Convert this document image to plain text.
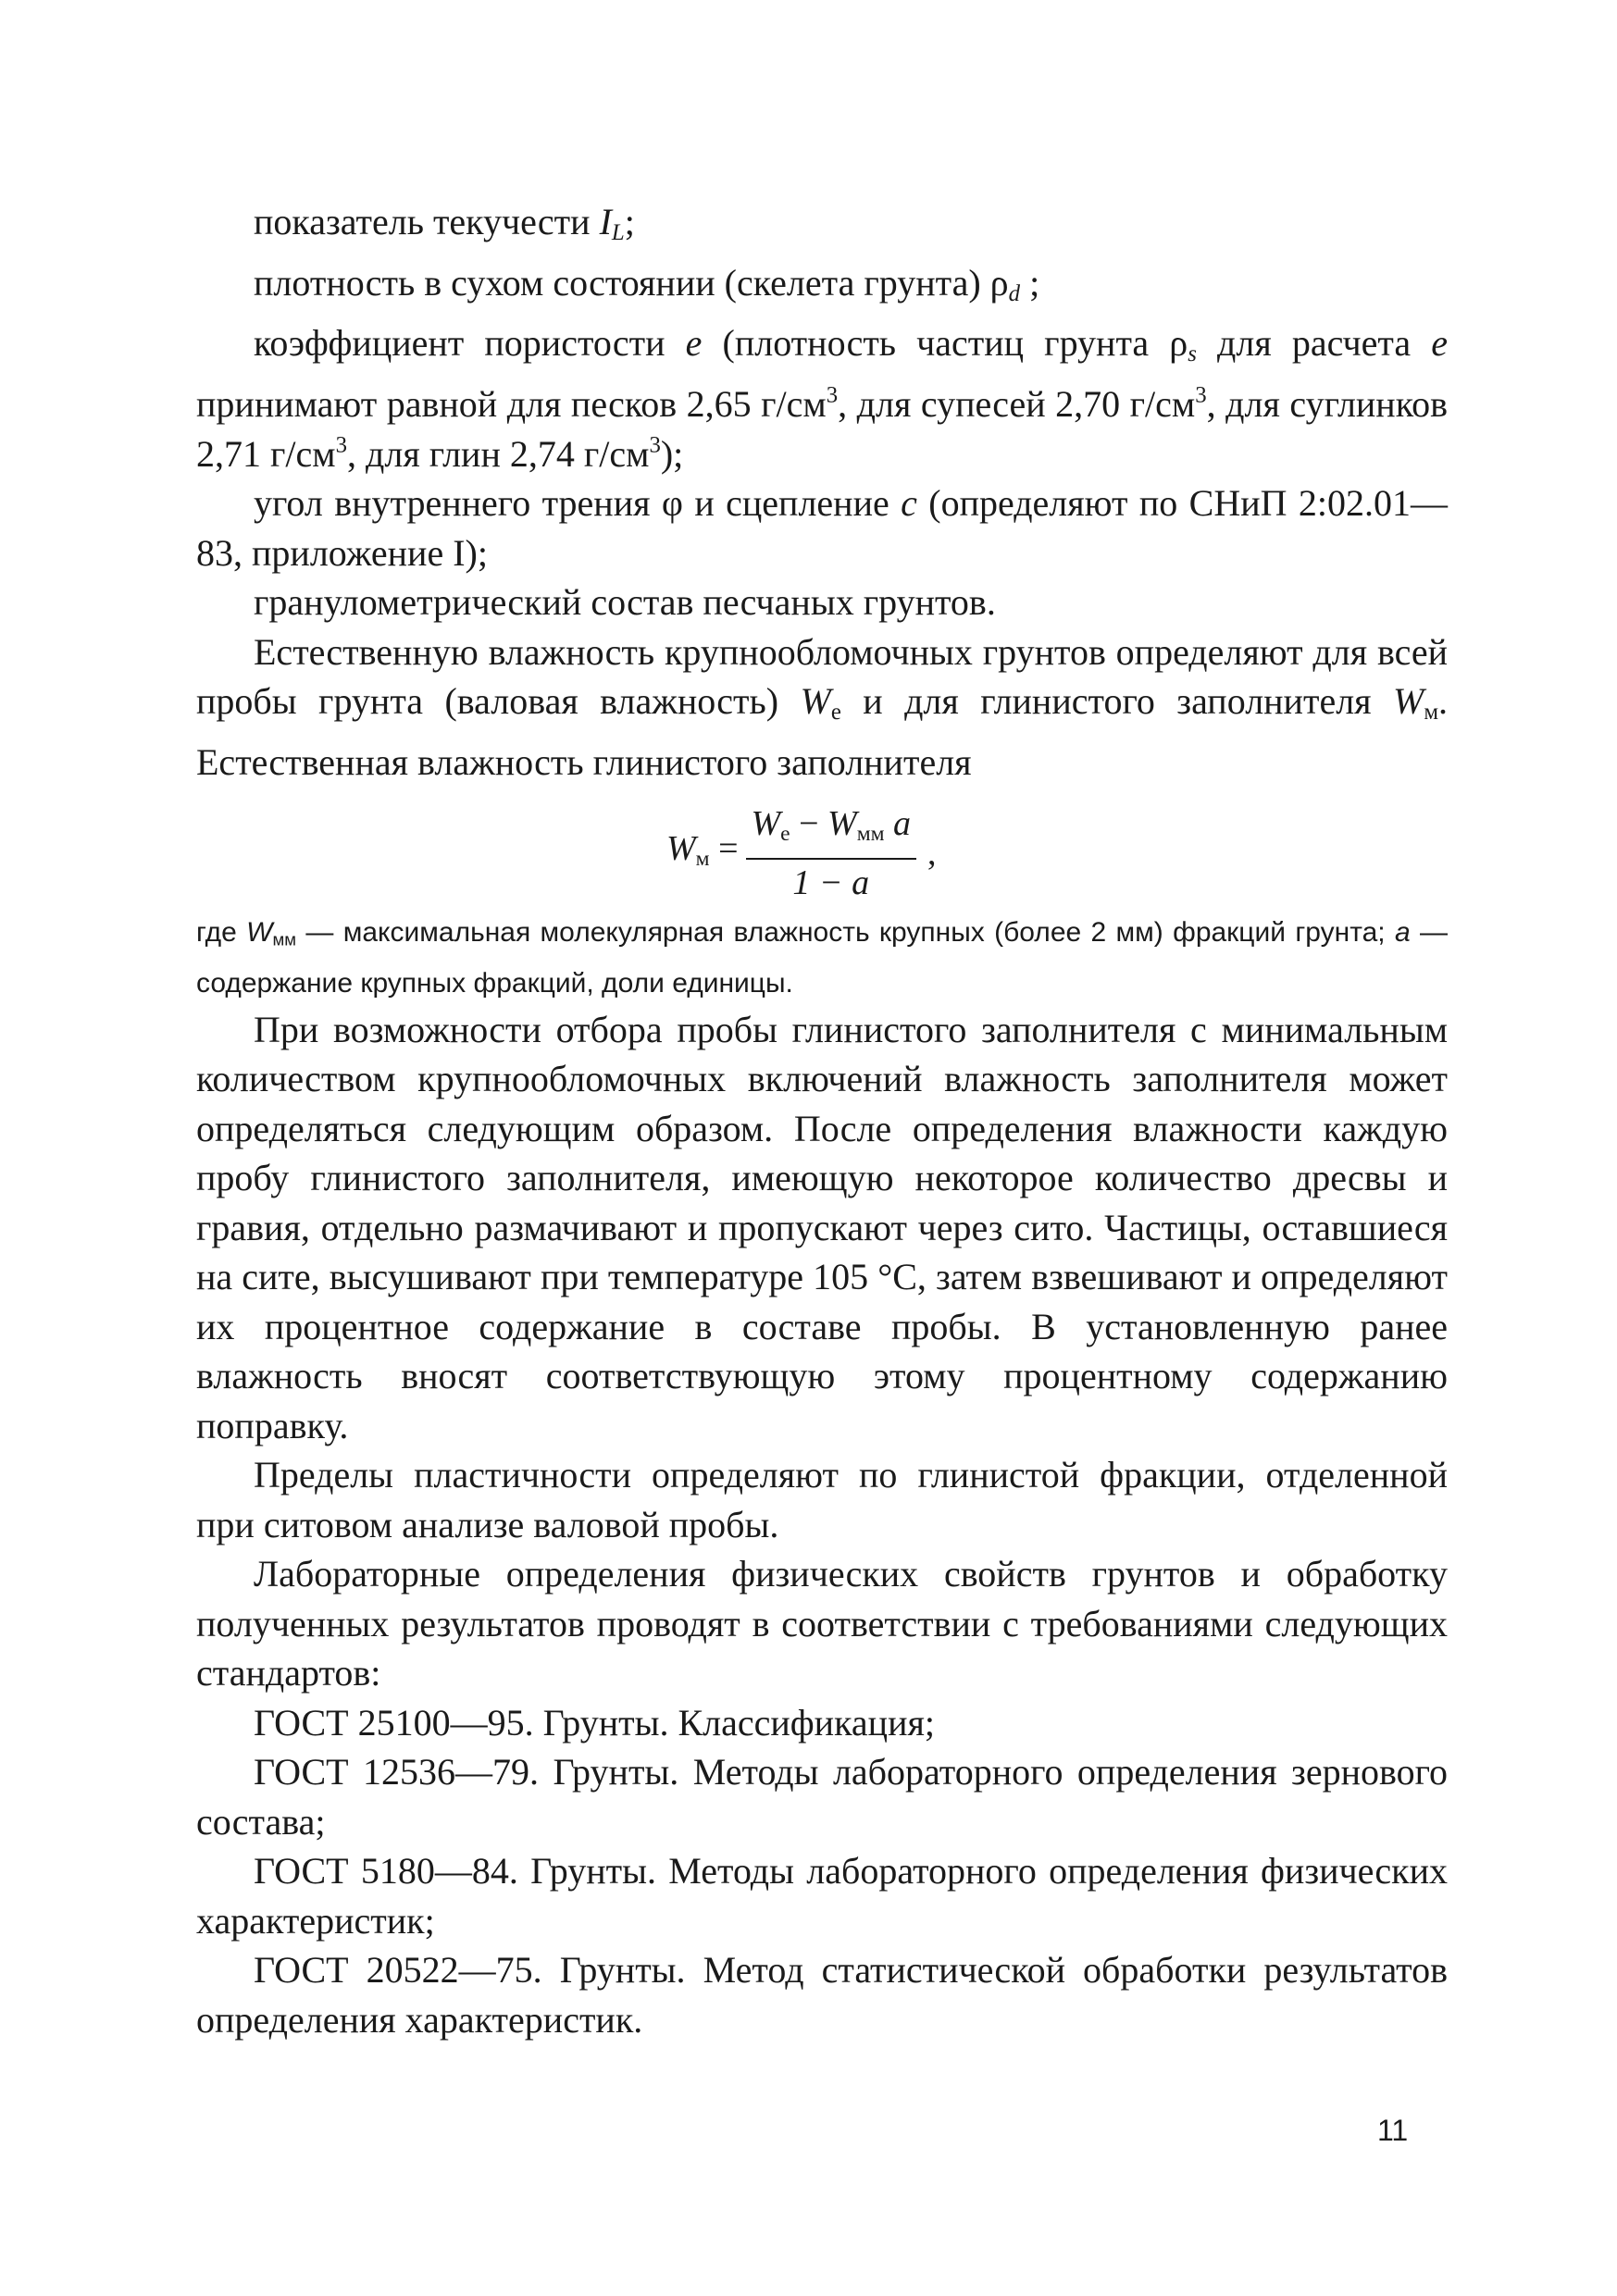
показатель текучести $I_L$;

плотность в сухом состоянии (скелета грунта) $\rho_d$ ;

коэффициент пористости e (плотность частиц грунта $\rho_s$ для расчета e принимают равной для песков 2,65 $г/см^3$, для супесей 2,70 $г/см^3$, для суглинков 2,71 $г/см^3$, для глин 2,74 $г/см^3$);

угол внутреннего трения φ и сцепление c (определяют по СНиП 2:02.01—83, приложение I);

гранулометрический состав песчаных грунтов.

Естественную влажность крупнообломочных грунтов определяют для всей пробы грунта (валовая влажность) $W_e$ и для глинистого заполнителя $W_м$. Естественная влажность глинистого заполнителя

$W_м = \frac{W_e - W_{мм} a}{1 - a}$ ,

где $W_{мм}$ — максимальная молекулярная влажность крупных (более 2 мм) фракций грунта; a — содержание крупных фракций, доли единицы.

При возможности отбора пробы глинистого заполнителя с минимальным количеством крупнообломочных включений влажность заполнителя может определяться следующим образом. После определения влажности каждую пробу глинистого заполнителя, имеющую некоторое количество дресвы и гравия, отдельно размачивают и пропускают через сито. Частицы, оставшиеся на сите, высушивают при температуре 105 °С, затем взвешивают и определяют их процентное содержание в составе пробы. В установленную ранее влажность вносят соответствующую этому процентному содержанию поправку.

Пределы пластичности определяют по глинистой фракции, отделенной при ситовом анализе валовой пробы.

Лабораторные определения физических свойств грунтов и обработку полученных результатов проводят в соответствии с требованиями следующих стандартов:

ГОСТ 25100—95. Грунты. Классификация;

ГОСТ 12536—79. Грунты. Методы лабораторного определения зернового состава;

ГОСТ 5180—84. Грунты. Методы лабораторного определения физических характеристик;

ГОСТ 20522—75. Грунты. Метод статистической обработки результатов определения характеристик.

11
